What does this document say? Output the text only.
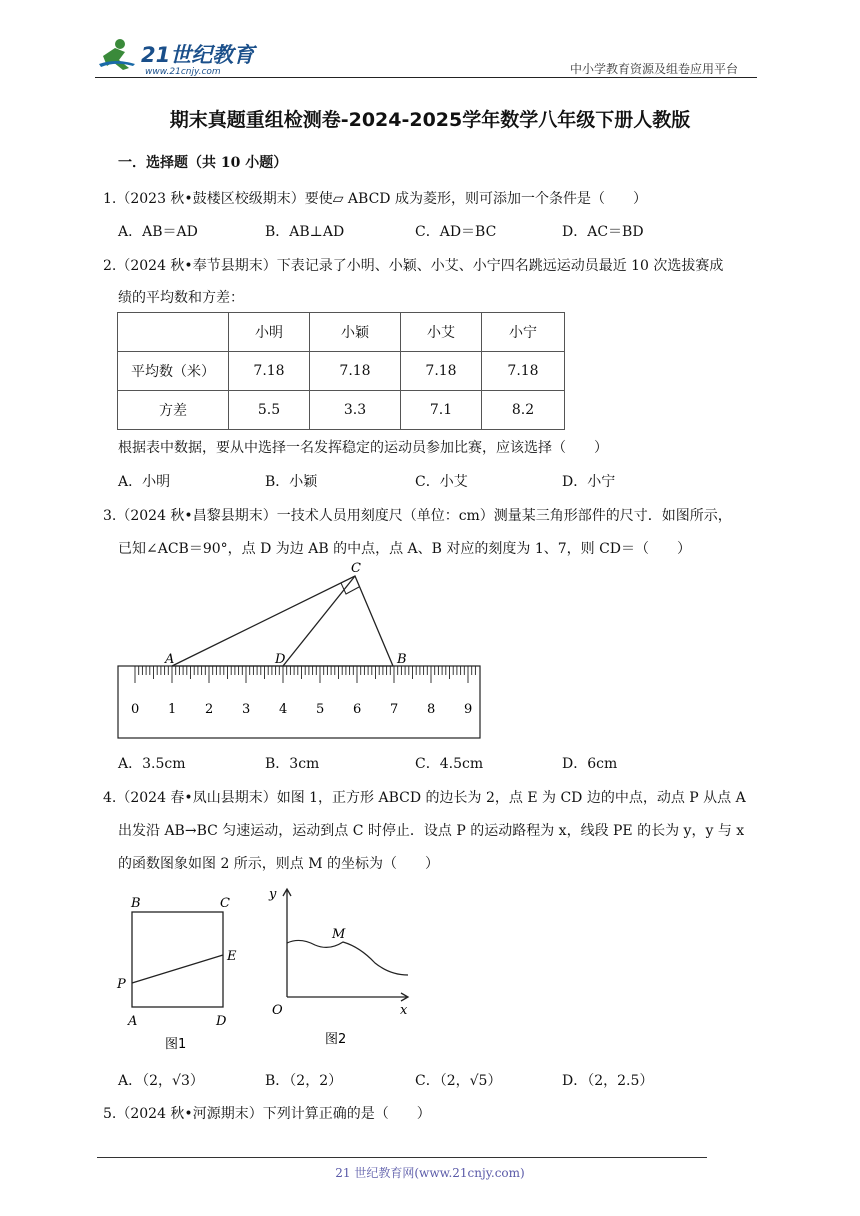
21世纪教育
www.21cnjy.com	中小学教育资源及组卷应用平台
期末真题重组检测卷-2024-2025学年数学八年级下册人教版
一．选择题（共 10 小题）
1.（2023 秋•鼓楼区校级期末）要使▱ ABCD 成为菱形，则可添加一个条件是（　　）
A．AB＝AD	B．AB⊥AD	C．AD＝BC	D．AC＝BD
2.（2024 秋•奉节县期末）下表记录了小明、小颖、小艾、小宁四名跳远运动员最近 10 次选拔赛成
绩的平均数和方差：
	小明	小颖	小艾	小宁
平均数（米）	7.18	7.18	7.18	7.18
方差	5.5	3.3	7.1	8.2
根据表中数据，要从中选择一名发挥稳定的运动员参加比赛，应该选择（　　）
A．小明	B．小颖	C．小艾	D．小宁
3.（2024 秋•昌黎县期末）一技术人员用刻度尺（单位：cm）测量某三角形部件的尺寸．如图所示，
已知∠ACB＝90°，点 D 为边 AB 的中点，点 A、B 对应的刻度为 1、7，则 CD＝（　　）
A	D	B
C
0 1 2 3 4 5 6 7 8 9
A．3.5cm	B．3cm	C．4.5cm	D．6cm
4.（2024 春•凤山县期末）如图 1，正方形 ABCD 的边长为 2，点 E 为 CD 边的中点，动点 P 从点 A
出发沿 AB→BC 匀速运动，运动到点 C 时停止．设点 P 的运动路程为 x，线段 PE 的长为 y，y 与 x
的函数图象如图 2 所示，则点 M 的坐标为（　　）
B	C
E
P
A	D
图1
y
M
O	x
图2
A．（2，√3）	B．（2，2）	C．（2，√5）	D．（2，2.5）
5.（2024 秋•河源期末）下列计算正确的是（　　）
21 世纪教育网(www.21cnjy.com)
